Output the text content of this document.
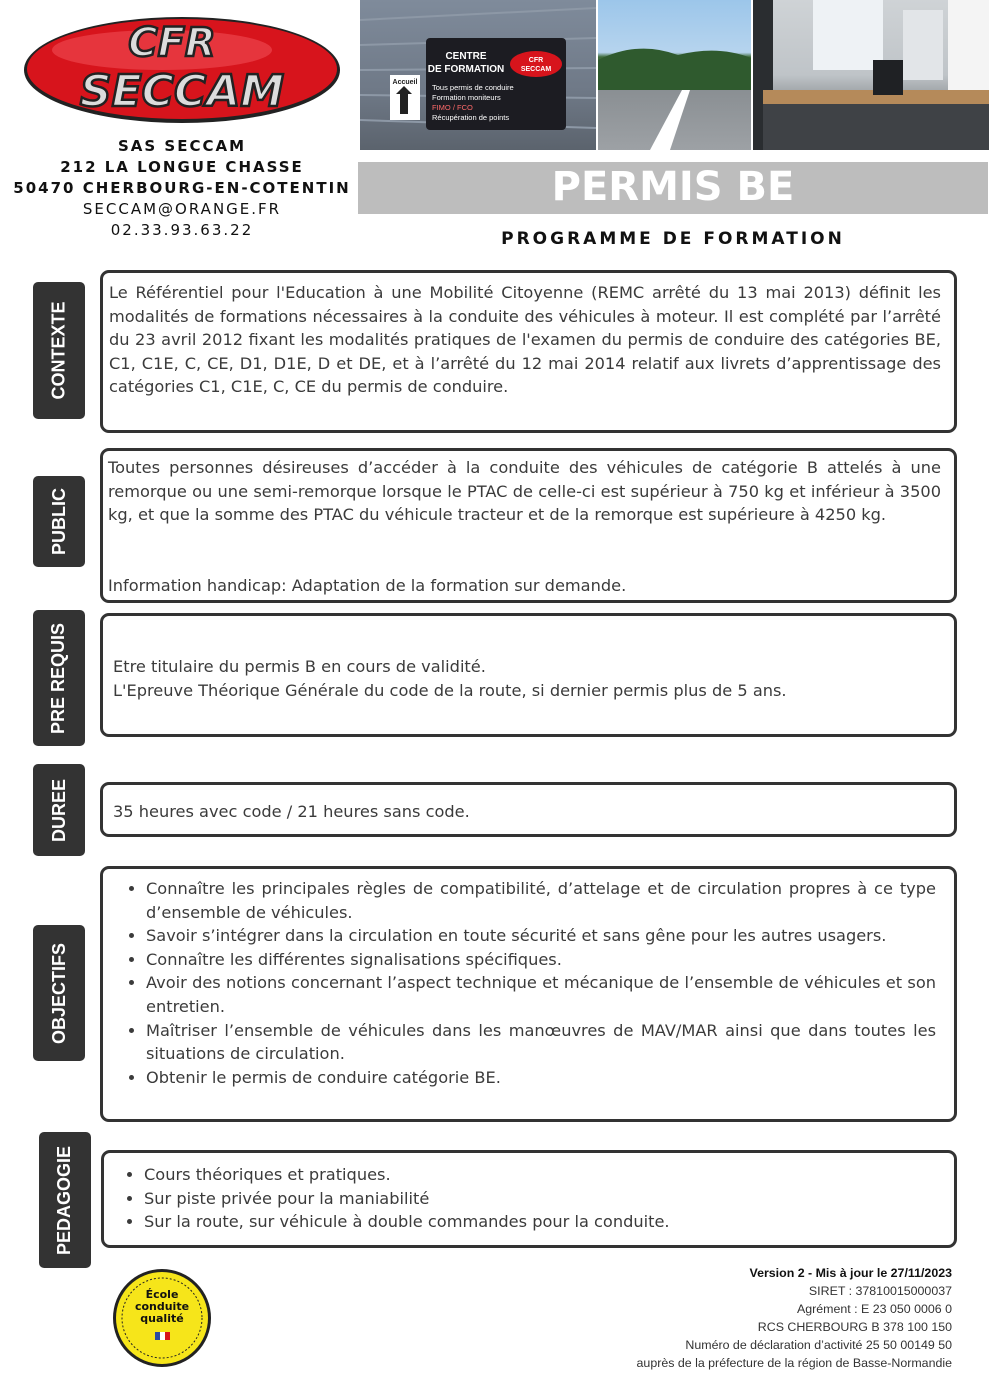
CFR
SECCAM
SAS SECCAM
212 LA LONGUE CHASSE
50470 CHERBOURG-EN-COTENTIN
SECCAM@ORANGE.FR
02.33.93.63.22
Accueil
CENTRE
DE FORMATION
CFR
SECCAM
Tous permis de conduire
Formation moniteurs
FIMO / FCO
Récupération de points
PERMIS BE
PROGRAMME DE FORMATION
CONTEXTE
Le Référentiel pour l'Education à une Mobilité Citoyenne (REMC arrêté du 13 mai 2013) définit les modalités de formations nécessaires à la conduite des véhicules à moteur. Il est complété par l’arrêté du 23 avril 2012 fixant les modalités pratiques de l'examen du permis de conduire des catégories BE, C1, C1E, C, CE, D1, D1E, D et DE, et à l’arrêté du 12 mai 2014 relatif aux livrets d’apprentissage des catégories C1, C1E, C, CE du permis de conduire.
PUBLIC
Toutes personnes désireuses d’accéder à la conduite des véhicules de catégorie B attelés à une remorque ou une semi-remorque lorsque le PTAC de celle-ci est supérieur à 750 kg et inférieur à 3500 kg, et que la somme des PTAC du véhicule tracteur et de la remorque est supérieure à 4250 kg.
Information handicap: Adaptation de la formation sur demande.
PRE REQUIS	Etre titulaire du permis B en cours de validité.
L'Epreuve Théorique Générale du code de la route, si dernier permis plus de 5 ans.
DUREE	35 heures avec code / 21 heures sans code.
OBJECTIFS
• Connaître les principales règles de compatibilité, d’attelage et de circulation propres à ce type d’ensemble de véhicules.
• Savoir s’intégrer dans la circulation en toute sécurité et sans gêne pour les autres usagers.
• Connaître les différentes signalisations spécifiques.
• Avoir des notions concernant l’aspect technique et mécanique de l’ensemble de véhicules et son entretien.
• Maîtriser l’ensemble de véhicules dans les manœuvres de MAV/MAR ainsi que dans toutes les situations de circulation.
• Obtenir le permis de conduire catégorie BE.
PEDAGOGIE
•	Cours théoriques et pratiques.
• Sur piste privée pour la maniabilité
• Sur la route, sur véhicule à double commandes pour la conduite.
École
conduite
qualité
Version 2 - Mis à jour le 27/11/2023
SIRET : 37810015000037
Agrément : E 23 050 0006 0
RCS CHERBOURG B 378 100 150
Numéro de déclaration d’activité 25 50 00149 50
auprès de la préfecture de la région de Basse-Normandie
